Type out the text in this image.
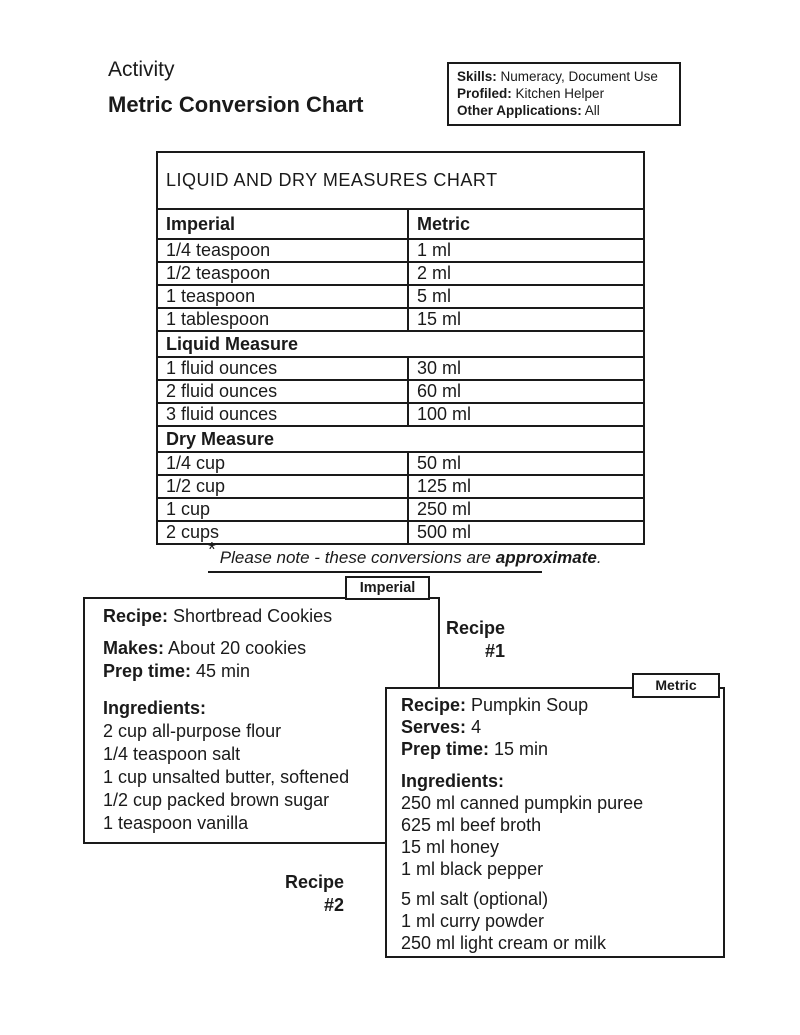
Activity
Metric Conversion Chart
Skills: Numeracy, Document Use
Profiled: Kitchen Helper
Other Applications: All
LIQUID AND DRY MEASURES CHART	
Imperial	Metric
1/4 teaspoon	1 ml
1/2 teaspoon	2 ml
1 teaspoon	5 ml
1 tablespoon	15 ml
Liquid Measure	
1 fluid ounces	30 ml
2 fluid ounces	60 ml
3 fluid ounces	100 ml
Dry Measure	
1/4 cup	50 ml
1/2 cup	125 ml
1 cup	250 ml
2 cups	500 ml
* Please note - these conversions are approximate.
Recipe: Shortbread Cookies
Makes: About 20 cookies
Prep time: 45 min
Ingredients:
2 cup all-purpose flour
1/4 teaspoon salt
1 cup unsalted butter, softened
1/2 cup packed brown sugar
1 teaspoon vanilla
Imperial
Recipe
#1
Recipe: Pumpkin Soup
Serves: 4
Prep time: 15 min
Ingredients:
250 ml canned pumpkin puree
625 ml beef broth
15 ml honey
1 ml black pepper
5 ml salt (optional)
1 ml curry powder
250 ml light cream or milk
Metric
Recipe
#2
